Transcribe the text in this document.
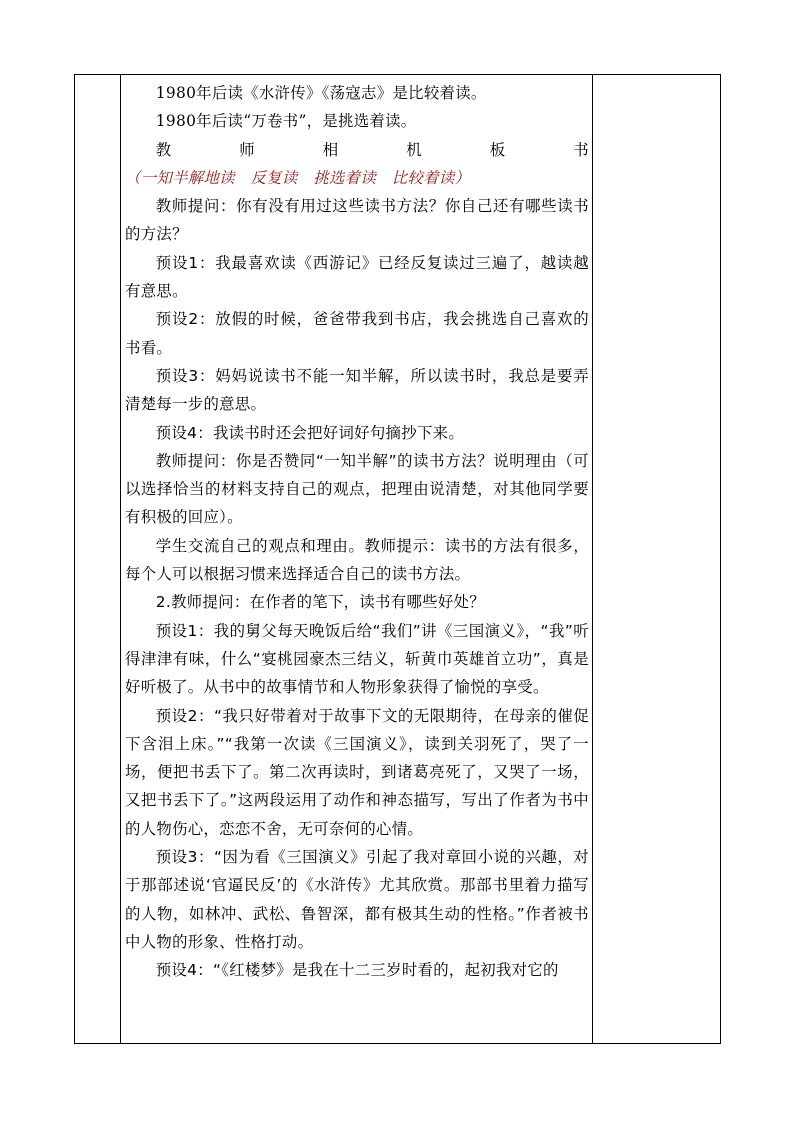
1980年后读《水浒传》《荡寇志》是比较着读。

1980年后读“万卷书”，是挑选着读。

教师相机板书（一知半解地读　反复读　挑选着读　比较着读）

教师提问：你有没有用过这些读书方法？你自己还有哪些读书的方法？

预设1：我最喜欢读《西游记》已经反复读过三遍了，越读越有意思。

预设2：放假的时候，爸爸带我到书店，我会挑选自己喜欢的书看。

预设3：妈妈说读书不能一知半解，所以读书时，我总是要弄清楚每一步的意思。

预设4：我读书时还会把好词好句摘抄下来。

教师提问：你是否赞同“一知半解”的读书方法？说明理由（可以选择恰当的材料支持自己的观点，把理由说清楚，对其他同学要有积极的回应）。

学生交流自己的观点和理由。教师提示：读书的方法有很多，每个人可以根据习惯来选择适合自己的读书方法。

2.教师提问：在作者的笔下，读书有哪些好处？

预设1：我的舅父每天晚饭后给“我们”讲《三国演义》，“我”听得津津有味，什么“宴桃园豪杰三结义，斩黄巾英雄首立功”，真是好听极了。从书中的故事情节和人物形象获得了愉悦的享受。

预设2：“我只好带着对于故事下文的无限期待，在母亲的催促下含泪上床。”“我第一次读《三国演义》，读到关羽死了，哭了一场，便把书丢下了。第二次再读时，到诸葛亮死了，又哭了一场，又把书丢下了。”这两段运用了动作和神态描写，写出了作者为书中的人物伤心，恋恋不舍，无可奈何的心情。

预设3：“因为看《三国演义》引起了我对章回小说的兴趣，对于那部述说‘官逼民反’的《水浒传》尤其欣赏。那部书里着力描写的人物，如林冲、武松、鲁智深，都有极其生动的性格。”作者被书中人物的形象、性格打动。

预设4：“《红楼梦》是我在十二三岁时看的，起初我对它的
